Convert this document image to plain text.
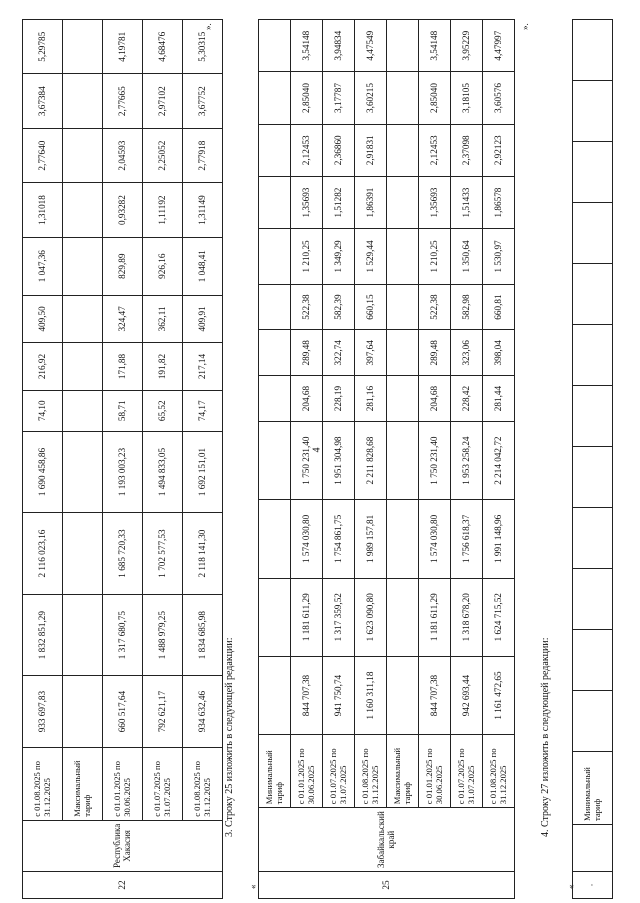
4
22	Республика Хакасия	с 01.08.2025 по 31.12.2025	933 697,83	1 832 851,29	2 116 023,16	1 690 458,86	74,10	216,92	409,50	1 047,36	1,31018	2,77640	3,67384	5,29785
		Максимальный тариф												
		с 01.01.2025 по 30.06.2025	660 517,64	1 317 680,75	1 685 720,33	1 193 003,23	58,71	171,88	324,47	829,89	0,93282	2,04593	2,77665	4,19781
		с 01.07.2025 по 31.07.2025	792 621,17	1 488 979,25	1 702 577,53	1 494 833,05	65,52	191,82	362,11	926,16	1,11192	2,25052	2,97102	4,68476
		с 01.08.2025 по 31.12.2025	934 632,46	1 834 685,98	2 118 141,30	1 692 151,01	74,17	217,14	409,91	1 048,41	1,31149	2,77918	3,67752	5,30315
».
3. Строку 25 изложить в следующей редакции:
«	25	Забайкальский край	Минимальный тариф												
		с 01.01.2025 по 30.06.2025	844 707,38	1 181 611,29	1 574 030,80	1 750 231,40	204,68	289,48	522,38	1 210,25	1,35693	2,12453	2,85040	3,54148
		с 01.07.2025 по 31.07.2025	941 750,74	1 317 359,52	1 754 861,75	1 951 304,98	228,19	322,74	582,39	1 349,29	1,51282	2,36860	3,17787	3,94834
		с 01.08.2025 по 31.12.2025	1 160 311,18	1 623 090,80	1 989 157,81	2 211 828,68	281,16	397,64	660,15	1 529,44	1,86391	2,91831	3,60215	4,47549
		Максимальный тариф												
		с 01.01.2025 по 30.06.2025	844 707,38	1 181 611,29	1 574 030,80	1 750 231,40	204,68	289,48	522,38	1 210,25	1,35693	2,12453	2,85040	3,54148
		с 01.07.2025 по 31.07.2025	942 693,44	1 318 678,20	1 756 618,37	1 953 258,24	228,42	323,06	582,98	1 350,64	1,51433	2,37098	3,18105	3,95229
		с 01.08.2025 по 31.12.2025	1 161 472,65	1 624 715,52	1 991 148,96	2 214 042,72	281,44	398,04	660,81	1 530,97	1,86578	2,92123	3,60576	4,47997
».
4. Строку 27 изложить в следующей редакции:
« ·		Минимальный тариф												
